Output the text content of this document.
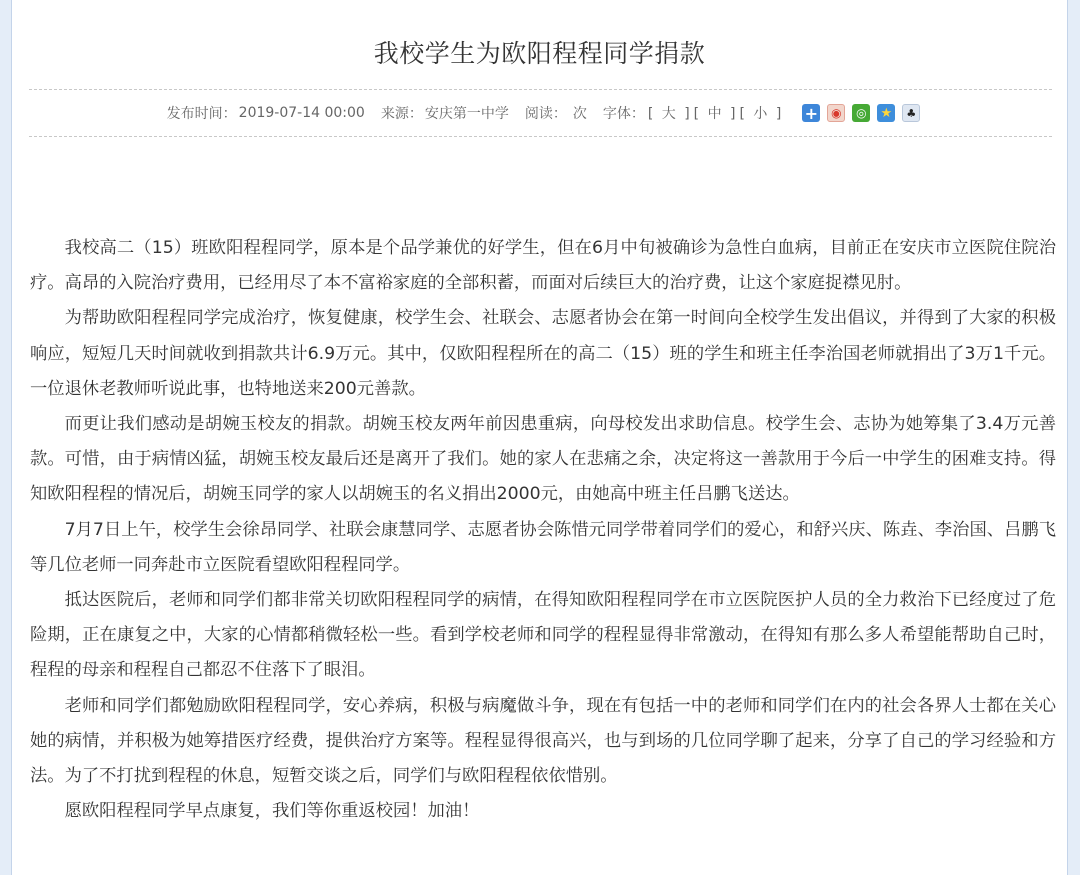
我校学生为欧阳程程同学捐款
发布时间： 2019-07-14 00:00 来源： 安庆第一中学 阅读： 次 字体： [ 大 ] [ 中 ] [ 小 ] +	◉	◎ ★	♣

我校高二（15）班欧阳程程同学，原本是个品学兼优的好学生，但在6月中旬被确诊为急性白血病，目前正在安庆市立医院住院治疗。高昂的入院治疗费用，已经用尽了本不富裕家庭的全部积蓄，而面对后续巨大的治疗费，让这个家庭捉襟见肘。

为帮助欧阳程程同学完成治疗，恢复健康，校学生会、社联会、志愿者协会在第一时间向全校学生发出倡议，并得到了大家的积极响应，短短几天时间就收到捐款共计6.9万元。其中，仅欧阳程程所在的高二（15）班的学生和班主任李治国老师就捐出了3万1千元。一位退休老教师听说此事，也特地送来200元善款。

而更让我们感动是胡婉玉校友的捐款。胡婉玉校友两年前因患重病，向母校发出求助信息。校学生会、志协为她筹集了3.4万元善款。可惜，由于病情凶猛，胡婉玉校友最后还是离开了我们。她的家人在悲痛之余，决定将这一善款用于今后一中学生的困难支持。得知欧阳程程的情况后，胡婉玉同学的家人以胡婉玉的名义捐出2000元，由她高中班主任吕鹏飞送达。

7月7日上午，校学生会徐昂同学、社联会康慧同学、志愿者协会陈惜元同学带着同学们的爱心，和舒兴庆、陈垚、李治国、吕鹏飞等几位老师一同奔赴市立医院看望欧阳程程同学。

抵达医院后，老师和同学们都非常关切欧阳程程同学的病情，在得知欧阳程程同学在市立医院医护人员的全力救治下已经度过了危险期，正在康复之中，大家的心情都稍微轻松一些。看到学校老师和同学的程程显得非常激动，在得知有那么多人希望能帮助自己时，程程的母亲和程程自己都忍不住落下了眼泪。

老师和同学们都勉励欧阳程程同学，安心养病，积极与病魔做斗争，现在有包括一中的老师和同学们在内的社会各界人士都在关心她的病情，并积极为她筹措医疗经费，提供治疗方案等。程程显得很高兴，也与到场的几位同学聊了起来，分享了自己的学习经验和方法。为了不打扰到程程的休息，短暂交谈之后，同学们与欧阳程程依依惜别。

愿欧阳程程同学早点康复，我们等你重返校园！加油！
